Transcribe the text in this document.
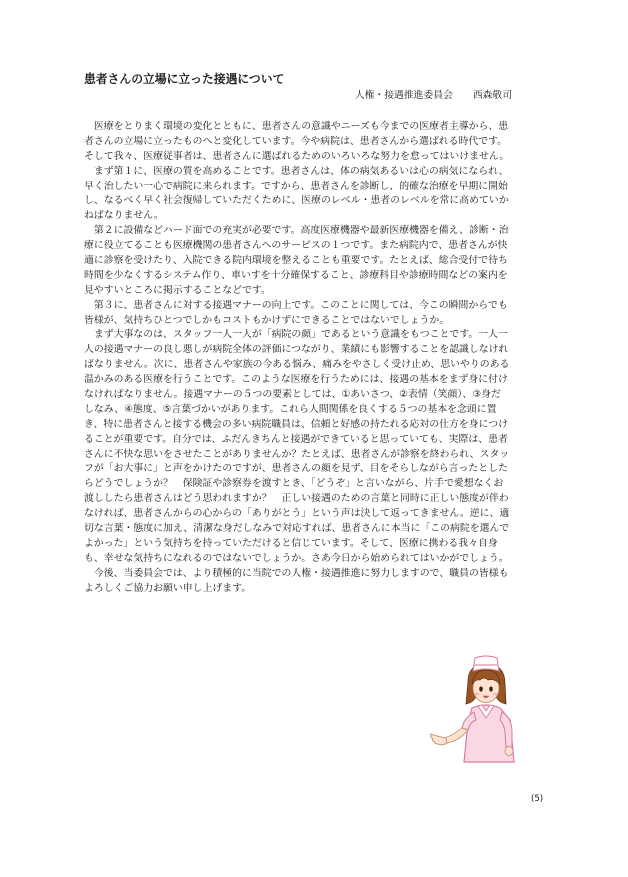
患者さんの立場に立った接遇について
人権・接遇推進委員会 西森敬司
医療をとりまく環境の変化とともに、患者さんの意識やニーズも今までの医療者主導から、患
者さんの立場に立ったものへと変化しています。今や病院は、患者さんから選ばれる時代です。
そして我々、医療従事者は、患者さんに選ばれるためのいろいろな努力を怠ってはいけません。
まず第１に、医療の質を高めることです。患者さんは、体の病気あるいは心の病気になられ、
早く治したい一心で病院に来られます。ですから、患者さんを診断し、的確な治療を早期に開始
し、なるべく早く社会復帰していただくために、医療のレベル・患者のレベルを常に高めていか
ねばなりません。
第２に設備などハード面での充実が必要です。高度医療機器や最新医療機器を備え、診断・治
療に役立てることも医療機関の患者さんへのサービスの１つです。また病院内で、患者さんが快
適に診察を受けたり、入院できる院内環境を整えることも重要です。たとえば、総合受付で待ち
時間を少なくするシステム作り、車いすを十分確保すること、診療科目や診療時間などの案内を
見やすいところに掲示することなどです。
第３に、患者さんに対する接遇マナーの向上です。このことに関しては、今この瞬間からでも
皆様が、気持ちひとつでしかもコストもかけずにできることではないでしょうか。
まず大事なのは、スタッフ一人一人が「病院の顔」であるという意識をもつことです。一人一
人の接遇マナーの良し悪しが病院全体の評価につながり、業績にも影響することを認識しなけれ
ばなりません。次に、患者さんや家族の今ある悩み、痛みをやさしく受け止め、思いやりのある
温かみのある医療を行うことです。このような医療を行うためには、接遇の基本をまず身に付け
なければなりません。接遇マナーの５つの要素としては、①あいさつ、②表情（笑顔）、③身だ
しなみ、④態度、⑤言葉づかいがあります。これら人間関係を良くする５つの基本を念頭に置
き、特に患者さんと接する機会の多い病院職員は、信頼と好感の持たれる応対の仕方を身につけ
ることが重要です。自分では、ふだんきちんと接遇ができていると思っていても、実際は、患者
さんに不快な思いをさせたことがありませんか？たとえば、患者さんが診察を終わられ、スタッ
フが「お大事に」と声をかけたのですが、患者さんの顔を見ず、目をそらしながら言ったとした
らどうでしょうか？　保険証や診察券を渡すとき、「どうぞ」と言いながら、片手で愛想なくお
渡ししたら患者さんはどう思われますか？　正しい接遇のための言葉と同時に正しい態度が伴わ
なければ、患者さんからの心からの「ありがとう」という声は決して返ってきません。逆に、適
切な言葉・態度に加え、清潔な身だしなみで対応すれば、患者さんに本当に「この病院を選んで
よかった」という気持ちを持っていただけると信じています。そして、医療に携わる我々自身
も、幸せな気持ちになれるのではないでしょうか。さあ今日から始められてはいかがでしょう。
今後、当委員会では、より積極的に当院での人権・接遇推進に努力しますので、職員の皆様も
よろしくご協力お願い申し上げます。
(5)
